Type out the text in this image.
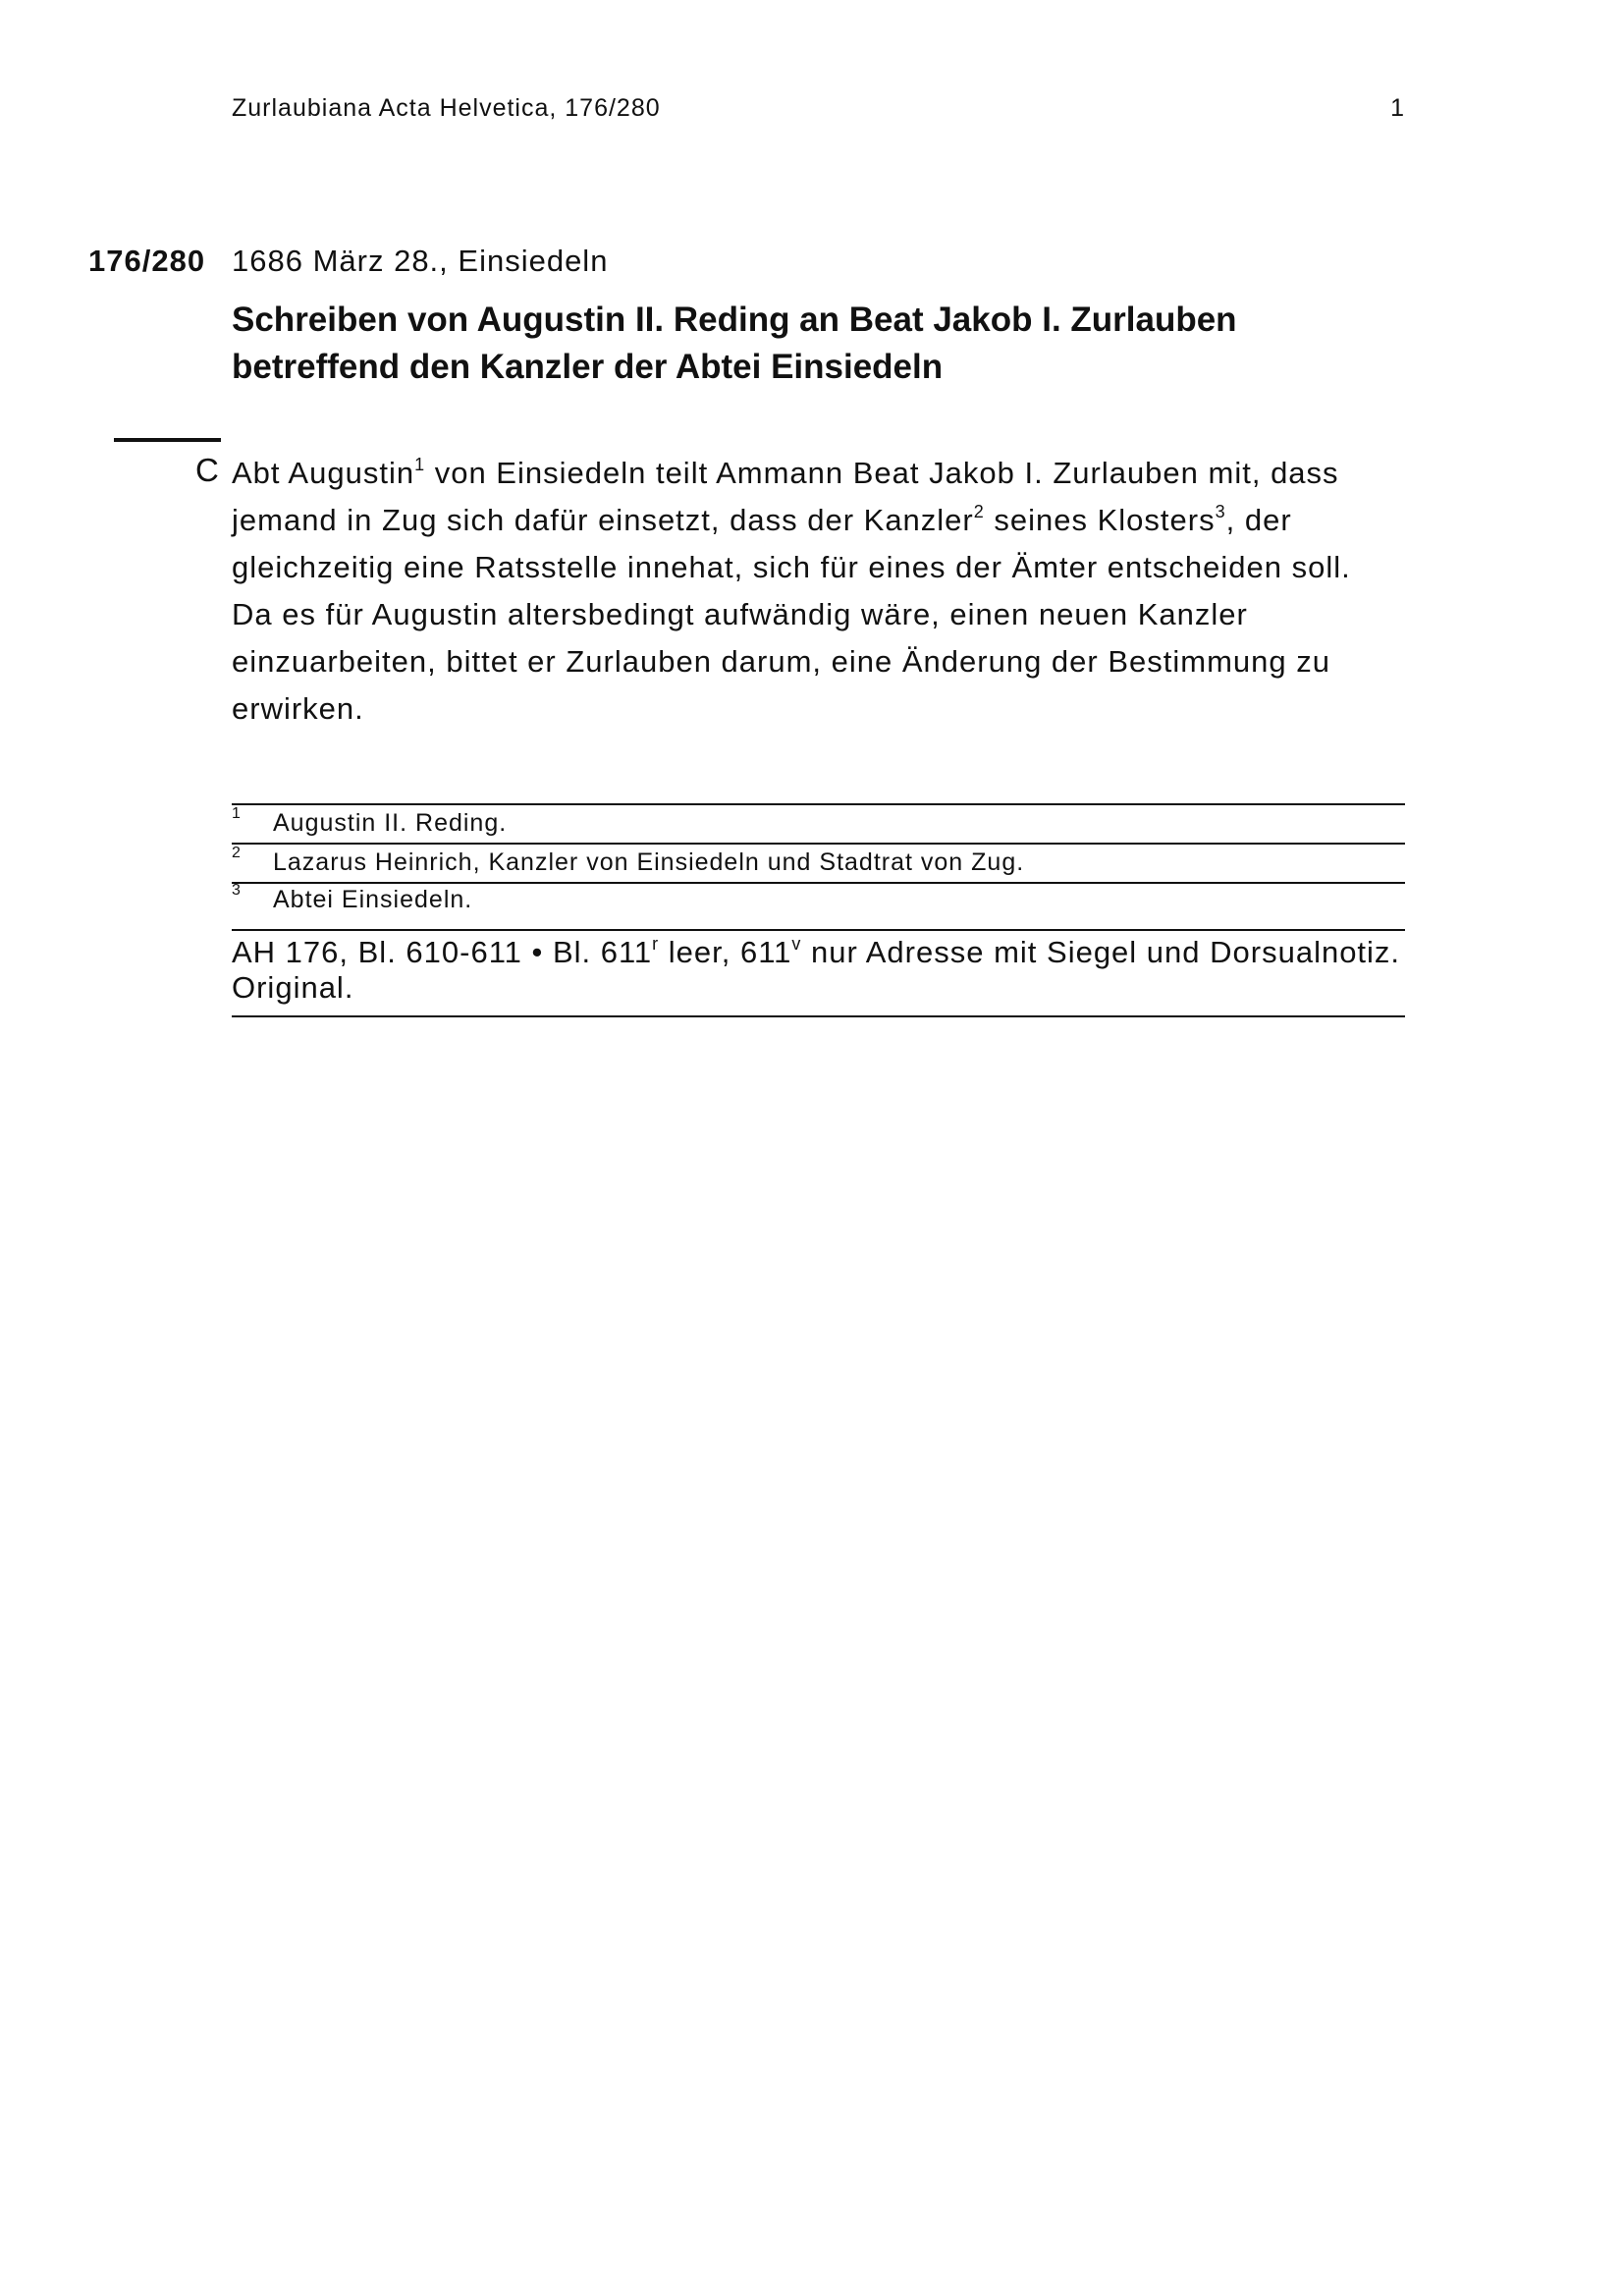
Zurlaubiana Acta Helvetica, 176/280	1
176/280 1686 März 28., Einsiedeln
Schreiben von Augustin II. Reding an Beat Jakob I. Zurlauben
betreffend den Kanzler der Abtei Einsiedeln
C Abt Augustin$^1$ von Einsiedeln teilt Ammann Beat Jakob I. Zurlauben mit, dass
jemand in Zug sich dafür einsetzt, dass der Kanzler$^2$ seines Klosters$^3$, der
gleichzeitig eine Ratsstelle innehat, sich für eines der Ämter entscheiden soll.
Da es für Augustin altersbedingt aufwändig wäre, einen neuen Kanzler
einzuarbeiten, bittet er Zurlauben darum, eine Änderung der Bestimmung zu
erwirken.
1 Augustin II. Reding.
2 Lazarus Heinrich, Kanzler von Einsiedeln und Stadtrat von Zug.
3 Abtei Einsiedeln.
AH 176, Bl. 610-611 • Bl. 611$^r$ leer, 611$^v$ nur Adresse mit Siegel und Dorsualnotiz.
Original.
